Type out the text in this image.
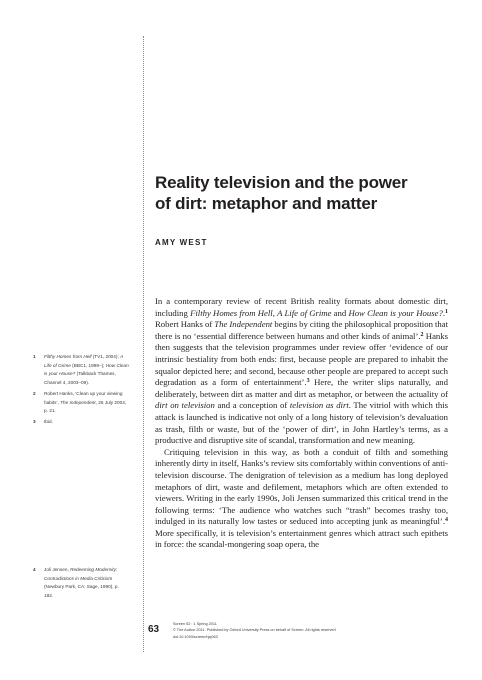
Reality television and the power
of dirt: metaphor and matter
AMY WEST

In a contemporary review of recent British reality formats about domestic dirt, including Filthy Homes from Hell, A Life of Grime and How Clean is your House?.$^1$ Robert Hanks of The Independent begins by citing the philosophical proposition that there is no ‘essential difference between humans and other kinds of animal’.$^2$ Hanks then suggests that the television programmes under review offer ‘evidence of our intrinsic bestiality from both ends: first, because people are prepared to inhabit the squalor depicted here; and second, because other people are prepared to accept such degradation as a form of entertainment’.$^3$ Here, the writer slips naturally, and deliberately, between dirt as matter and dirt as metaphor, or between the actuality of dirt on television and a conception of television as dirt. The vitriol with which this attack is launched is indicative not only of a long history of television’s devaluation as trash, filth or waste, but of the ‘power of dirt’, in John Hartley’s terms, as a productive and disruptive site of scandal, transformation and new meaning.

Critiquing television in this way, as both a conduit of filth and something inherently dirty in itself, Hanks’s review sits comfortably within conventions of anti-television discourse. The denigration of television as a medium has long deployed metaphors of dirt, waste and defilement, metaphors which are often extended to viewers. Writing in the early 1990s, Joli Jensen summarized this critical trend in the following terms: ‘The audience who watches such “trash” becomes trashy too, indulged in its naturally low tastes or seduced into accepting junk as meaningful’.$^4$ More specifically, it is television’s entertainment genres which attract such epithets in force: the scandal-mongering soap opera, the

1	Filthy Homes from Hell (TV1, 2004); A Life of Grime (BBC1, 1999–); How Clean is your House? (Talkback Thames, Channel 4, 2003–09).
2	Robert Hanks, ‘Clean up your viewing habits’, The Independent, 26 July 2004, p. 21.
3	Ibid.
4	Joli Jensen, Redeeming Modernity: Contradictions in Media Criticism (Newbury Park, CA: Sage, 1990), p. 182.
63	Screen 52 : 1 Spring 2011
© The Author 2011. Published by Oxford University Press on behalf of Screen. All rights reserved
doi:10.1093/screen/hjq063
